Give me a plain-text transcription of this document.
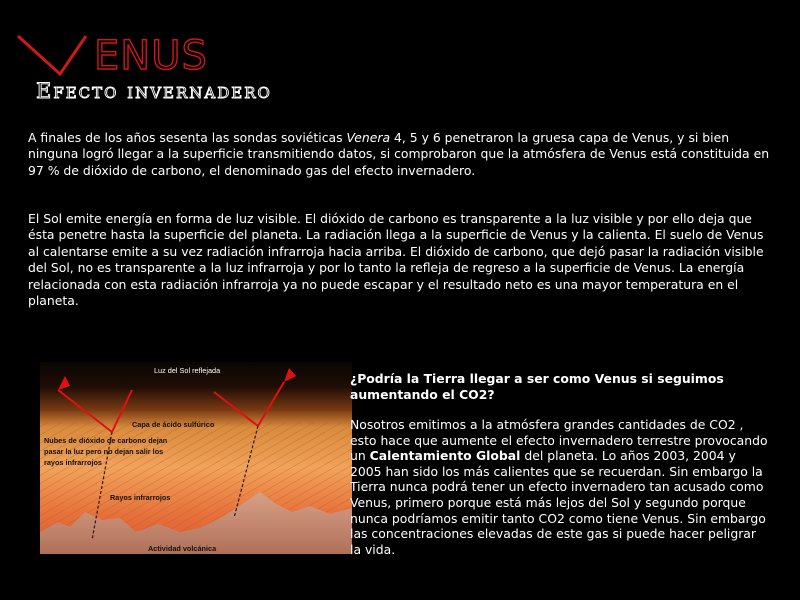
V
ENUS
Efecto invernadero

A finales de los años sesenta las sondas soviéticas Venera 4, 5 y 6 penetraron la gruesa capa de Venus, y si bien ninguna logró llegar a la superficie transmitiendo datos, si comprobaron que la atmósfera de Venus está constituida en 97 % de dióxido de carbono, el denominado gas del efecto invernadero.

El Sol emite energía en forma de luz visible. El dióxido de carbono es transparente a la luz visible y por ello deja que ésta penetre hasta la superficie del planeta. La radiación llega a la superficie de Venus y la calienta. El suelo de Venus al calentarse emite a su vez radiación infrarroja hacia arriba. El dióxido de carbono, que dejó pasar la radiación visible del Sol, no es transparente a la luz infrarroja y por lo tanto la refleja de regreso a la superficie de Venus. La energía relacionada con esta radiación infrarroja ya no puede escapar y el resultado neto es una mayor temperatura en el planeta.

Luz del Sol reflejada
Capa de ácido sulfúrico
Nubes de dióxido de carbono dejan
pasar la luz pero no dejan salir los
rayos infrarrojos
Rayos infrarrojos
Actividad volcánica

¿Podría la Tierra llegar a ser como Venus si seguimos aumentando el CO2?

Nosotros emitimos a la atmósfera grandes cantidades de CO2 , esto hace que aumente el efecto invernadero terrestre provocando un Calentamiento Global del planeta. Lo años 2003, 2004 y 2005 han sido los más calientes que se recuerdan. Sin embargo la Tierra nunca podrá tener un efecto invernadero tan acusado como Venus, primero porque está más lejos del Sol y segundo porque nunca podríamos emitir tanto CO2 como tiene Venus. Sin embargo las concentraciones elevadas de este gas si puede hacer peligrar la vida.
